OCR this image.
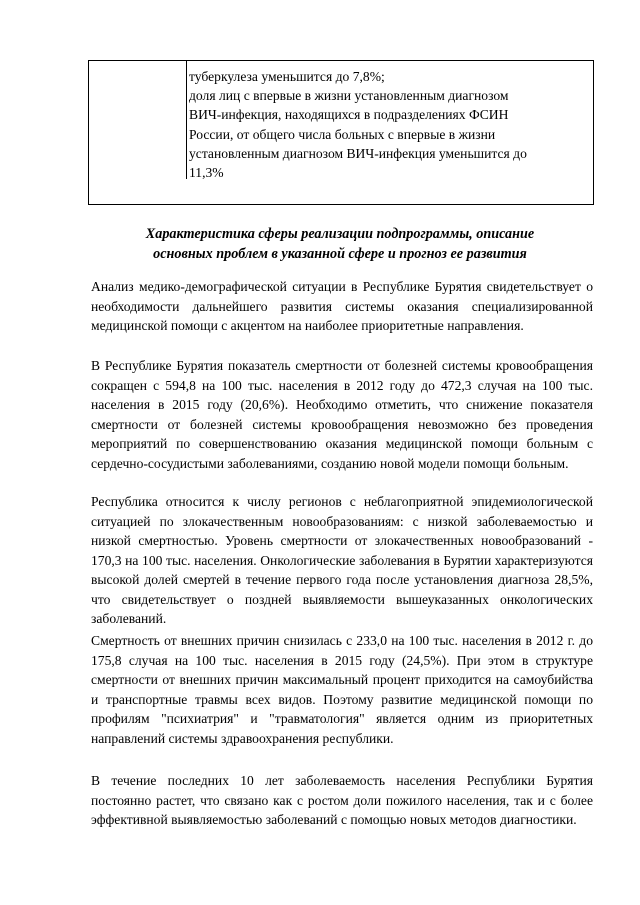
туберкулеза уменьшится до 7,8%;
доля лиц с впервые в жизни установленным диагнозом
ВИЧ-инфекция, находящихся в подразделениях ФСИН
России, от общего числа больных с впервые в жизни
установленным диагнозом ВИЧ-инфекция уменьшится до
11,3%
Характеристика сферы реализации подпрограммы, описание
основных проблем в указанной сфере и прогноз ее развития
Анализ медико-демографической ситуации в Республике Бурятия свидетельствует о необходимости дальнейшего развития системы оказания специализированной медицинской помощи с акцентом на наиболее приоритетные направления.
В Республике Бурятия показатель смертности от болезней системы кровообращения сокращен с 594,8 на 100 тыс. населения в 2012 году до 472,3 случая на 100 тыс. населения в 2015 году (20,6%). Необходимо отметить, что снижение показателя смертности от болезней системы кровообращения невозможно без проведения мероприятий по совершенствованию оказания медицинской помощи больным с сердечно-сосудистыми заболеваниями, созданию новой модели помощи больным.
Республика относится к числу регионов с неблагоприятной эпидемиологической ситуацией по злокачественным новообразованиям: с низкой заболеваемостью и низкой смертностью. Уровень смертности от злокачественных новообразований - 170,3 на 100 тыс. населения. Онкологические заболевания в Бурятии характеризуются высокой долей смертей в течение первого года после установления диагноза 28,5%, что свидетельствует о поздней выявляемости вышеуказанных онкологических заболеваний.
Смертность от внешних причин снизилась с 233,0 на 100 тыс. населения в 2012 г. до 175,8 случая на 100 тыс. населения в 2015 году (24,5%). При этом в структуре смертности от внешних причин максимальный процент приходится на самоубийства и транспортные травмы всех видов. Поэтому развитие медицинской помощи по профилям "психиатрия" и "травматология" является одним из приоритетных направлений системы здравоохранения республики.
В течение последних 10 лет заболеваемость населения Республики Бурятия постоянно растет, что связано как с ростом доли пожилого населения, так и с более эффективной выявляемостью заболеваний с помощью новых методов диагностики.
